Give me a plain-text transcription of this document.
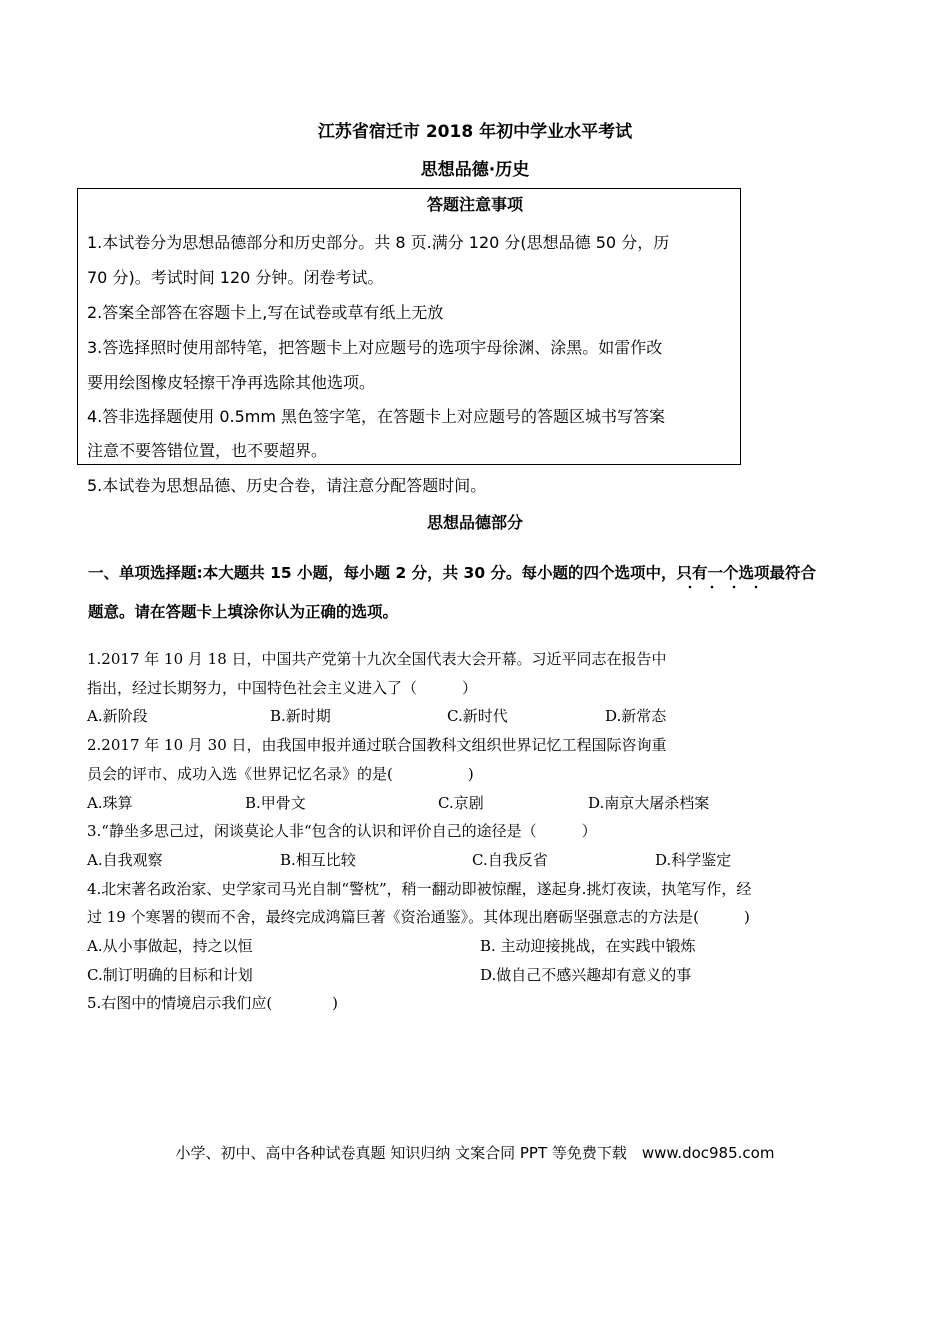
江苏省宿迁市 2018 年初中学业水平考试
思想品德·历史
答题注意事项
1.本试卷分为思想品德部分和历史部分。共 8 页.满分 120 分(思想品德 50 分，历
70 分)。考试时间 120 分钟。闭卷考试。
2.答案全部答在容题卡上,写在试卷或草有纸上无放
3.答选择照时使用部特笔，把答题卡上对应题号的选项宇母徐渊、涂黑。如雷作改
要用绘图橡皮轻擦干净再选除其他选项。
4.答非选择题使用 0.5mm 黑色签字笔，在答题卡上对应题号的答题区城书写答案
注意不要答错位置，也不要超界。
5.本试卷为思想品德、历史合卷，请注意分配答题时间。
思想品德部分
一、单项选择题:本大题共 15 小题，每小题 2 分，共 30 分。每小题的四个选项中，只有一个选项最符合
题意。请在答题卡上填涂你认为正确的选项。
1.2017 年 10 月 18 日，中国共产党第十九次全国代表大会开幕。习近平同志在报告中
指出，经过长期努力，中国特色社会主义进入了（　　　）
A.新阶段	B.新时期	C.新时代	D.新常态
2.2017 年 10 月 30 日，由我国申报并通过联合国教科文组织世界记忆工程国际咨询重
员会的评市、成功入选《世界记忆名录》的是(　　　　　)
A.珠算	B.甲骨文	C.京剧	D.南京大屠杀档案
3.“静坐多思己过，闲谈莫论人非“包含的认识和评价自己的途径是（　　　）
A.自我观察	B.相互比较	C.自我反省	D.科学鉴定
4.北宋著名政治家、史学家司马光自制“警枕”，稍一翻动即被惊醒，遂起身.挑灯夜读，执笔写作，经
过 19 个寒署的锲而不舍，最终完成鸿篇巨著《资治通鉴》。其体现出磨砺坚强意志的方法是(　　　)
A.从小事做起，持之以恒	B. 主动迎接挑战，在实践中锻炼
C.制订明确的目标和计划	D.做自己不感兴趣却有意义的事
5.右图中的情境启示我们应(　　　　)
小学、初中、高中各种试卷真题 知识归纳 文案合同 PPT 等免费下载　www.doc985.com
